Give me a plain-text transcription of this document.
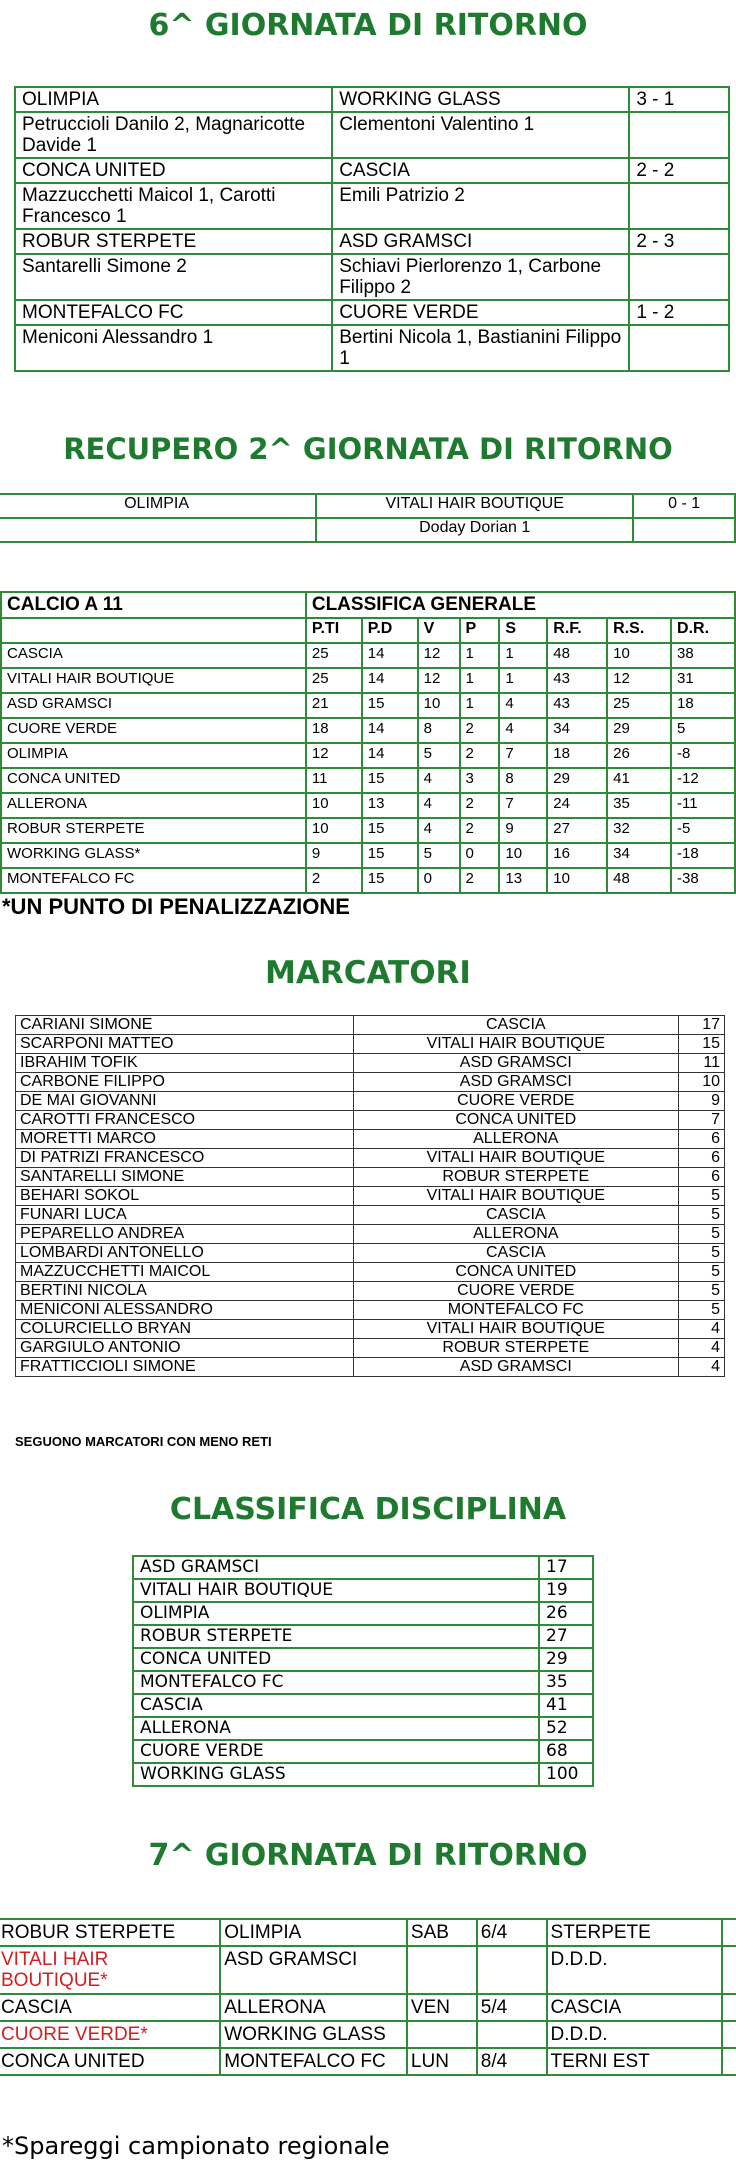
6^ GIORNATA DI RITORNO
OLIMPIA	WORKING GLASS	3 - 1
Petruccioli Danilo 2, Magnaricotte Davide 1	Clementoni Valentino 1	
CONCA UNITED	CASCIA	2 - 2
Mazzucchetti Maicol 1, Carotti Francesco 1	Emili Patrizio 2	
ROBUR STERPETE	ASD GRAMSCI	2 - 3
Santarelli Simone 2	Schiavi Pierlorenzo 1, Carbone Filippo 2	
MONTEFALCO FC	CUORE VERDE	1 - 2
Meniconi Alessandro 1	Bertini Nicola 1, Bastianini Filippo 1	
RECUPERO 2^ GIORNATA DI RITORNO
OLIMPIA	VITALI HAIR BOUTIQUE	0 - 1
	Doday Dorian 1	
CALCIO A 11	CLASSIFICA GENERALE							
	P.TI	P.D	V	P	S	R.F.	R.S.	D.R.
CASCIA	25	14	12	1	1	48	10	38
VITALI HAIR BOUTIQUE	25	14	12	1	1	43	12	31
ASD GRAMSCI	21	15	10	1	4	43	25	18
CUORE VERDE	18	14	8	2	4	34	29	5
OLIMPIA	12	14	5	2	7	18	26	-8
CONCA UNITED	11	15	4	3	8	29	41	-12
ALLERONA	10	13	4	2	7	24	35	-11
ROBUR STERPETE	10	15	4	2	9	27	32	-5
WORKING GLASS*	9	15	5	0	10	16	34	-18
MONTEFALCO FC	2	15	0	2	13	10	48	-38

*UN PUNTO DI PENALIZZAZIONE

MARCATORI
CARIANI SIMONE	CASCIA	17
SCARPONI MATTEO	VITALI HAIR BOUTIQUE	15
IBRAHIM TOFIK	ASD GRAMSCI	11
CARBONE FILIPPO	ASD GRAMSCI	10
DE MAI GIOVANNI	CUORE VERDE	9
CAROTTI FRANCESCO	CONCA UNITED	7
MORETTI MARCO	ALLERONA	6
DI PATRIZI FRANCESCO	VITALI HAIR BOUTIQUE	6
SANTARELLI SIMONE	ROBUR STERPETE	6
BEHARI SOKOL	VITALI HAIR BOUTIQUE	5
FUNARI LUCA	CASCIA	5
PEPARELLO ANDREA	ALLERONA	5
LOMBARDI ANTONELLO	CASCIA	5
MAZZUCCHETTI MAICOL	CONCA UNITED	5
BERTINI NICOLA	CUORE VERDE	5
MENICONI ALESSANDRO	MONTEFALCO FC	5
COLURCIELLO BRYAN	VITALI HAIR BOUTIQUE	4
GARGIULO ANTONIO	ROBUR STERPETE	4
FRATTICCIOLI SIMONE	ASD GRAMSCI	4

SEGUONO MARCATORI CON MENO RETI

CLASSIFICA DISCIPLINA
ASD GRAMSCI	17
VITALI HAIR BOUTIQUE	19
OLIMPIA	26
ROBUR STERPETE	27
CONCA UNITED	29
MONTEFALCO FC	35
CASCIA	41
ALLERONA	52
CUORE VERDE	68
WORKING GLASS	100
7^ GIORNATA DI RITORNO
ROBUR STERPETE	OLIMPIA	SAB	6/4	STERPETE	
VITALI HAIR BOUTIQUE*	ASD GRAMSCI			D.D.D.	
CASCIA	ALLERONA	VEN	5/4	CASCIA	
CUORE VERDE*	WORKING GLASS			D.D.D.	
CONCA UNITED	MONTEFALCO FC	LUN	8/4	TERNI EST	

*Spareggi campionato regionale
